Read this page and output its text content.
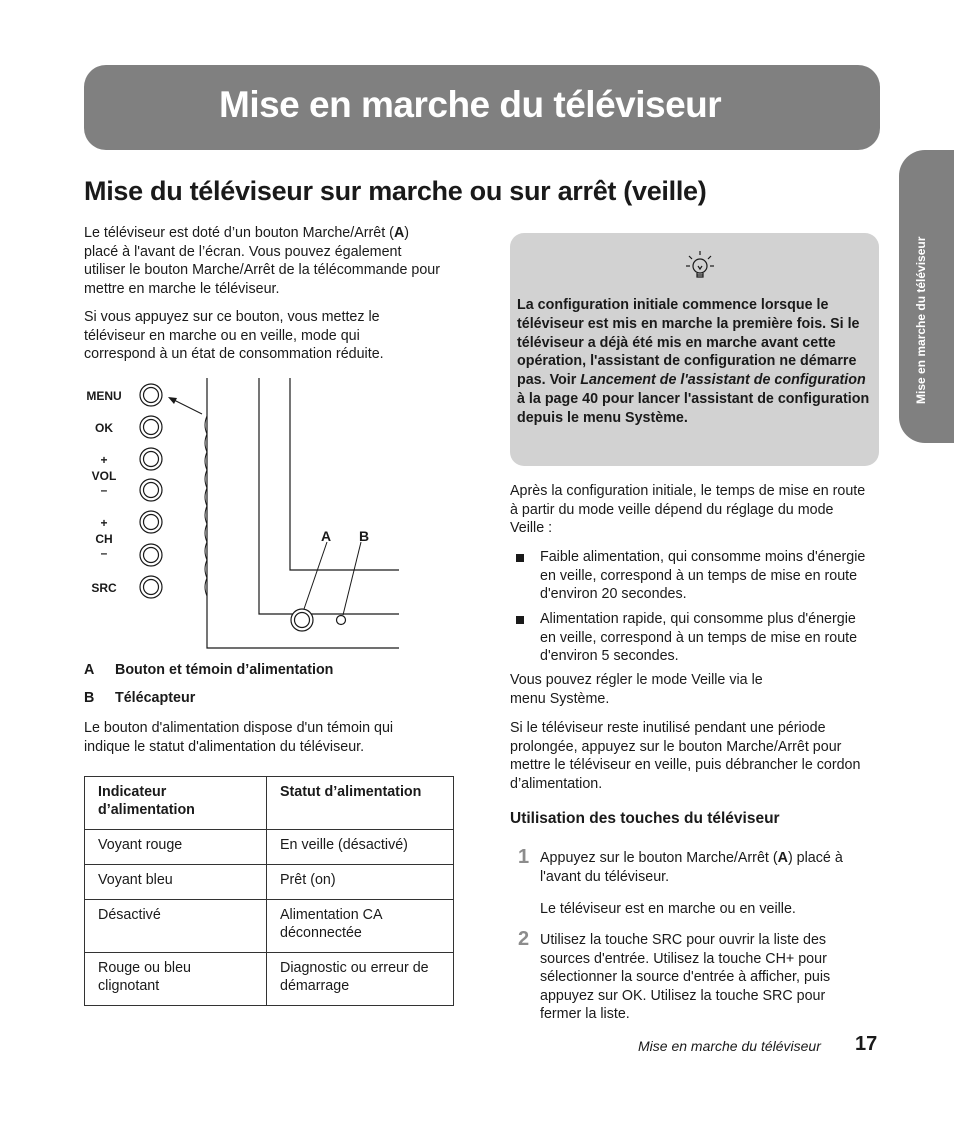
Mise en marche du téléviseur
Mise en marche du téléviseur
Mise du téléviseur sur marche ou sur arrêt (veille)

Le téléviseur est doté d’un bouton Marche/Arrêt (A) placé à l'avant de l’écran. Vous pouvez également utiliser le bouton Marche/Arrêt de la télécommande pour mettre en marche le téléviseur.

Si vous appuyez sur ce bouton, vous mettez le téléviseur en marche ou en veille, mode qui correspond à un état de consommation réduite.

MENU
OK
+
VOL
–
+
CH
–
SRC
A B

A Bouton et témoin d’alimentation

B Télécapteur

Le bouton d'alimentation dispose d'un témoin qui indique le statut d'alimentation du téléviseur.

Indicateur d’alimentation	Statut d’alimentation
Voyant rouge	En veille (désactivé)
Voyant bleu	Prêt (on)
Désactivé	Alimentation CA déconnectée
Rouge ou bleu clignotant	Diagnostic ou erreur de démarrage

La configuration initiale commence lorsque le téléviseur est mis en marche la première fois. Si le téléviseur a déjà été mis en marche avant cette opération, l'assistant de configuration ne démarre pas. Voir Lancement de l'assistant de configuration à la page 40 pour lancer l'assistant de configuration depuis le menu Système.

Après la configuration initiale, le temps de mise en route à partir du mode veille dépend du réglage du mode Veille :

Faible alimentation, qui consomme moins d'énergie en veille, correspond à un temps de mise en route d'environ 20 secondes.

Alimentation rapide, qui consomme plus d'énergie en veille, correspond à un temps de mise en route d'environ 5 secondes.

Vous pouvez régler le mode Veille via le menu Système.

Si le téléviseur reste inutilisé pendant une période prolongée, appuyez sur le bouton Marche/Arrêt pour mettre le téléviseur en veille, puis débrancher le cordon d’alimentation.

Utilisation des touches du téléviseur

1 Appuyez sur le bouton Marche/Arrêt (A) placé à l'avant du téléviseur.

Le téléviseur est en marche ou en veille.

2 Utilisez la touche SRC pour ouvrir la liste des sources d'entrée. Utilisez la touche CH+ pour sélectionner la source d'entrée à afficher, puis appuyez sur OK. Utilisez la touche SRC pour fermer la liste.

Mise en marche du téléviseur 17
